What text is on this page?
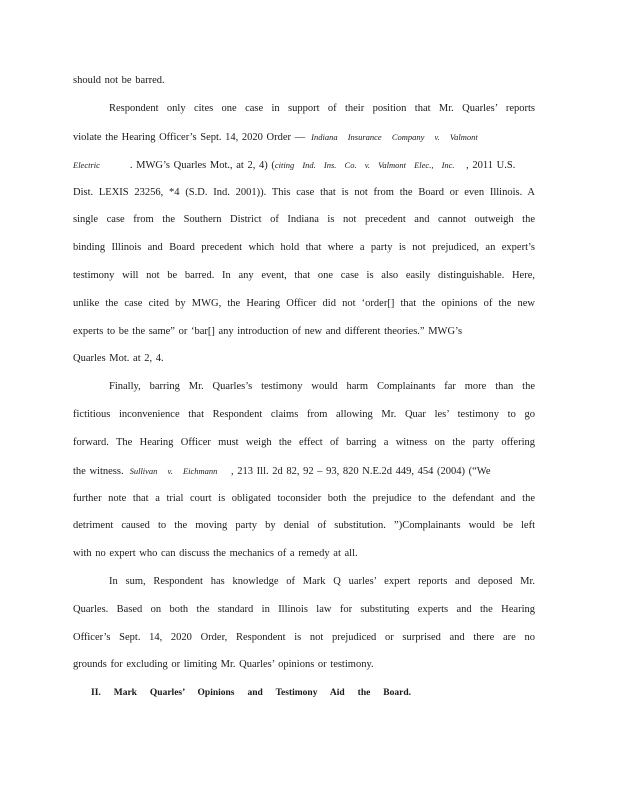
should not be barred.
Respondent only cites one case in support of their position that Mr. Quarles’ reports
violate the Hearing Officer’s Sept. 14, 2020 Order — Indiana Insurance Company v. Valmont
Electric	. MWG’s Quarles Mot., at 2, 4) (citing Ind. Ins. Co. v. Valmont Elec., Inc. , 2011 U.S.
Dist. LEXIS 23256, *4 (S.D. Ind. 2001)). This case that is not from the Board or even Illinois. A
single case from the Southern District of Indiana is not precedent and cannot outweigh the
binding Illinois and Board precedent which hold that where a party is not prejudiced, an expert’s
testimony will not be barred. In any event, that one case is also easily distinguishable. Here,
unlike the case cited by MWG, the Hearing Officer did not ‘order[] that the opinions of the new
experts to be the same” or ‘bar[] any introduction of new and different theories.” MWG’s
Quarles Mot. at 2, 4.
Finally, barring Mr. Quarles’s testimony would harm Complainants far more than the
fictitious inconvenience that Respondent claims from allowing Mr. Quar les’ testimony to go
forward. The Hearing Officer must weigh the effect of barring a witness on the party offering
the witness. Sullivan v. Eichmann , 213 Ill. 2d 82, 92 – 93, 820 N.E.2d 449, 454 (2004) (“We
further note that a trial court is obligated toconsider both the prejudice to the defendant and the
detriment caused to the moving party by denial of substitution. ”)Complainants would be left
with no expert who can discuss the mechanics of a remedy at all.
In sum, Respondent has knowledge of Mark Q uarles’ expert reports and deposed Mr.
Quarles. Based on both the standard in Illinois law for substituting experts and the Hearing
Officer’s Sept. 14, 2020 Order, Respondent is not prejudiced or surprised and there are no
grounds for excluding or limiting Mr. Quarles’ opinions or testimony.
II. Mark Quarles’ Opinions and Testimony Aid the Board.
